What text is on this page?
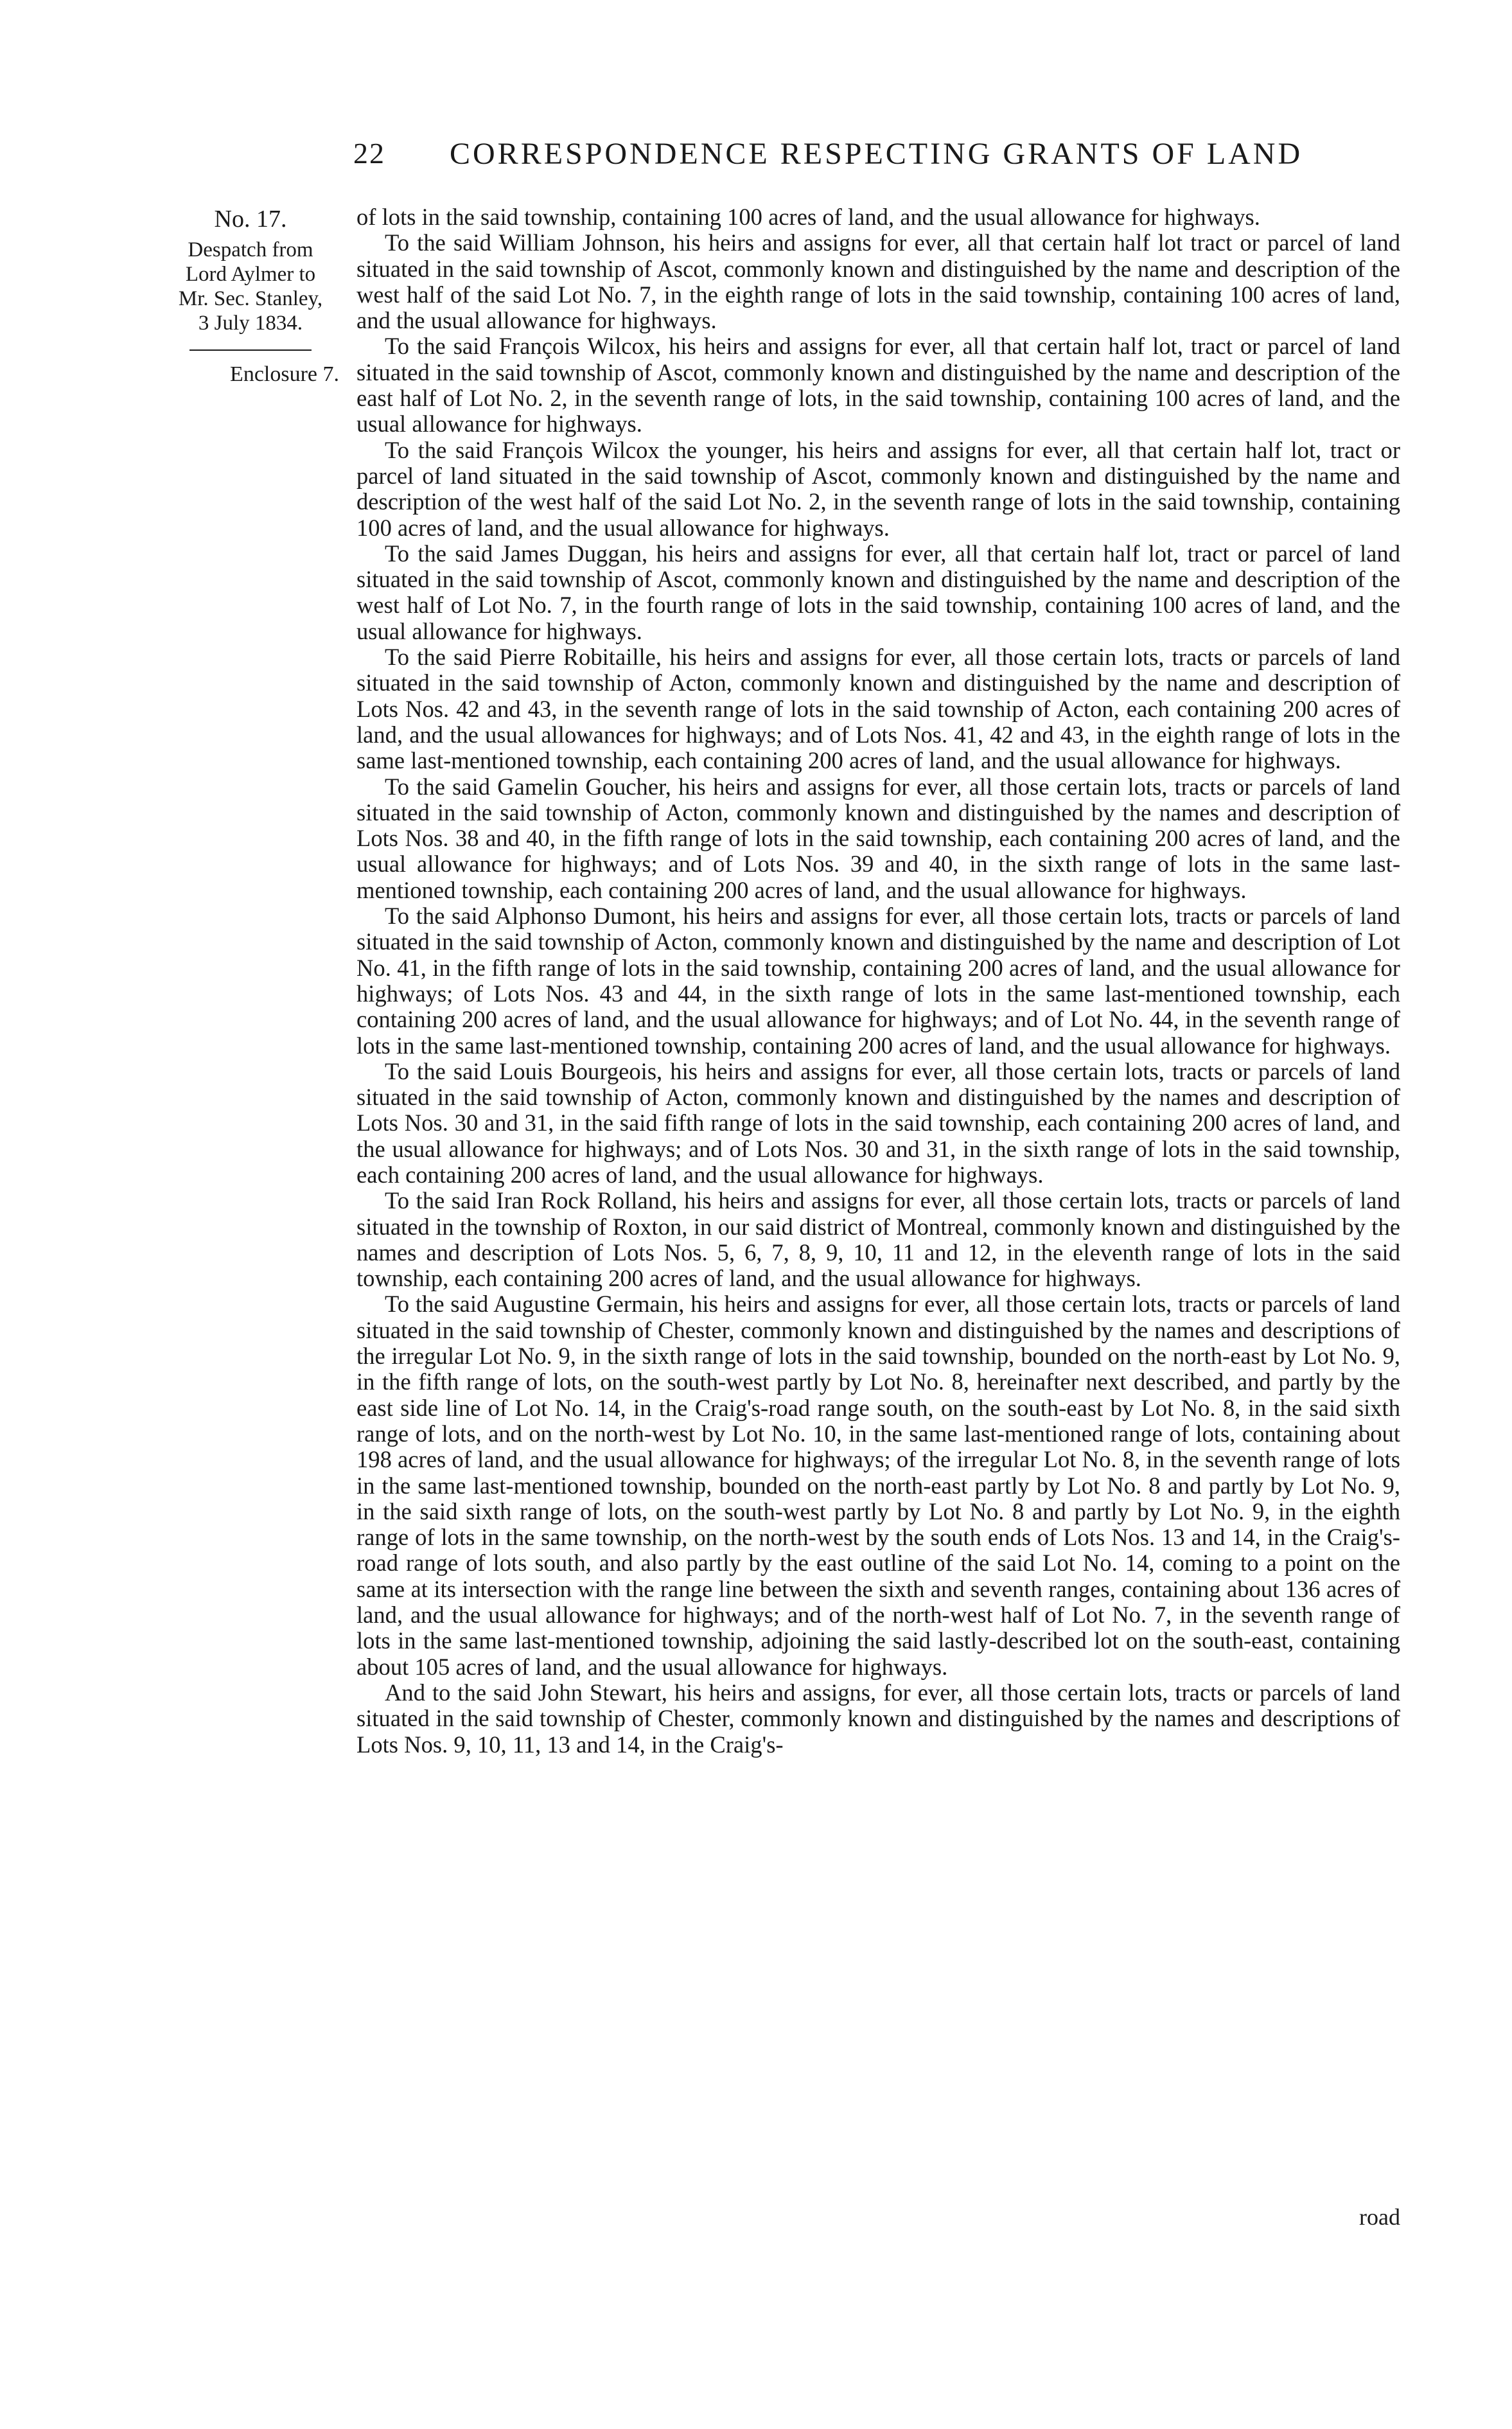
22 CORRESPONDENCE RESPECTING GRANTS OF LAND
No. 17.
Despatch from
Lord Aylmer to
Mr. Sec. Stanley,
3 July 1834.
Enclosure 7.

of lots in the said township, containing 100 acres of land, and the usual allowance for highways.

To the said William Johnson, his heirs and assigns for ever, all that certain half lot tract or parcel of land situated in the said township of Ascot, commonly known and distinguished by the name and description of the west half of the said Lot No. 7, in the eighth range of lots in the said township, containing 100 acres of land, and the usual allowance for highways.

To the said François Wilcox, his heirs and assigns for ever, all that certain half lot, tract or parcel of land situated in the said township of Ascot, commonly known and distinguished by the name and description of the east half of Lot No. 2, in the seventh range of lots, in the said township, containing 100 acres of land, and the usual allowance for highways.

To the said François Wilcox the younger, his heirs and assigns for ever, all that certain half lot, tract or parcel of land situated in the said township of Ascot, commonly known and distinguished by the name and description of the west half of the said Lot No. 2, in the seventh range of lots in the said township, containing 100 acres of land, and the usual allowance for highways.

To the said James Duggan, his heirs and assigns for ever, all that certain half lot, tract or parcel of land situated in the said township of Ascot, commonly known and distinguished by the name and description of the west half of Lot No. 7, in the fourth range of lots in the said township, containing 100 acres of land, and the usual allowance for highways.

To the said Pierre Robitaille, his heirs and assigns for ever, all those certain lots, tracts or parcels of land situated in the said township of Acton, commonly known and distinguished by the name and description of Lots Nos. 42 and 43, in the seventh range of lots in the said township of Acton, each containing 200 acres of land, and the usual allowances for highways; and of Lots Nos. 41, 42 and 43, in the eighth range of lots in the same last-mentioned township, each containing 200 acres of land, and the usual allowance for highways.

To the said Gamelin Goucher, his heirs and assigns for ever, all those certain lots, tracts or parcels of land situated in the said township of Acton, commonly known and distinguished by the names and description of Lots Nos. 38 and 40, in the fifth range of lots in the said township, each containing 200 acres of land, and the usual allowance for highways; and of Lots Nos. 39 and 40, in the sixth range of lots in the same last-mentioned township, each containing 200 acres of land, and the usual allowance for highways.

To the said Alphonso Dumont, his heirs and assigns for ever, all those certain lots, tracts or parcels of land situated in the said township of Acton, commonly known and distinguished by the name and description of Lot No. 41, in the fifth range of lots in the said township, containing 200 acres of land, and the usual allowance for highways; of Lots Nos. 43 and 44, in the sixth range of lots in the same last-mentioned township, each containing 200 acres of land, and the usual allowance for highways; and of Lot No. 44, in the seventh range of lots in the same last-mentioned township, containing 200 acres of land, and the usual allowance for highways.

To the said Louis Bourgeois, his heirs and assigns for ever, all those certain lots, tracts or parcels of land situated in the said township of Acton, commonly known and distinguished by the names and description of Lots Nos. 30 and 31, in the said fifth range of lots in the said township, each containing 200 acres of land, and the usual allowance for highways; and of Lots Nos. 30 and 31, in the sixth range of lots in the said township, each containing 200 acres of land, and the usual allowance for highways.

To the said Iran Rock Rolland, his heirs and assigns for ever, all those certain lots, tracts or parcels of land situated in the township of Roxton, in our said district of Montreal, commonly known and distinguished by the names and description of Lots Nos. 5, 6, 7, 8, 9, 10, 11 and 12, in the eleventh range of lots in the said township, each containing 200 acres of land, and the usual allowance for highways.

To the said Augustine Germain, his heirs and assigns for ever, all those certain lots, tracts or parcels of land situated in the said township of Chester, commonly known and distinguished by the names and descriptions of the irregular Lot No. 9, in the sixth range of lots in the said township, bounded on the north-east by Lot No. 9, in the fifth range of lots, on the south-west partly by Lot No. 8, hereinafter next described, and partly by the east side line of Lot No. 14, in the Craig's-road range south, on the south-east by Lot No. 8, in the said sixth range of lots, and on the north-west by Lot No. 10, in the same last-mentioned range of lots, containing about 198 acres of land, and the usual allowance for highways; of the irregular Lot No. 8, in the seventh range of lots in the same last-mentioned township, bounded on the north-east partly by Lot No. 8 and partly by Lot No. 9, in the said sixth range of lots, on the south-west partly by Lot No. 8 and partly by Lot No. 9, in the eighth range of lots in the same township, on the north-west by the south ends of Lots Nos. 13 and 14, in the Craig's-road range of lots south, and also partly by the east outline of the said Lot No. 14, coming to a point on the same at its intersection with the range line between the sixth and seventh ranges, containing about 136 acres of land, and the usual allowance for highways; and of the north-west half of Lot No. 7, in the seventh range of lots in the same last-mentioned township, adjoining the said lastly-described lot on the south-east, containing about 105 acres of land, and the usual allowance for highways.

And to the said John Stewart, his heirs and assigns, for ever, all those certain lots, tracts or parcels of land situated in the said township of Chester, commonly known and distinguished by the names and descriptions of Lots Nos. 9, 10, 11, 13 and 14, in the Craig's-

road
